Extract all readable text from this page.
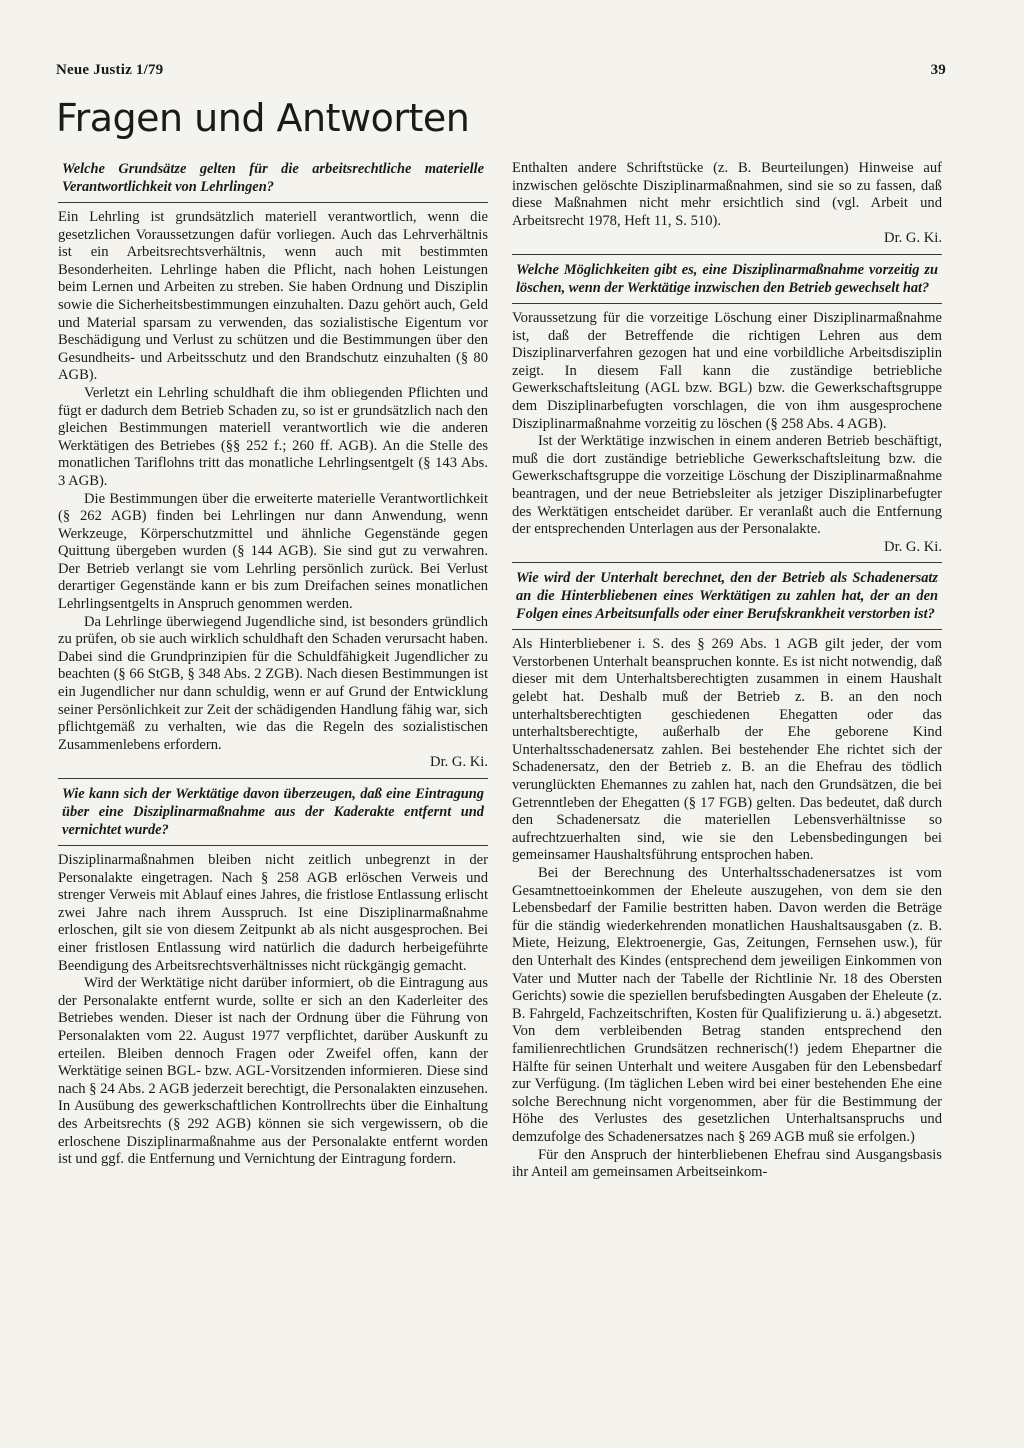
Neue Justiz 1/79	39
Fragen und Antworten
Welche Grundsätze gelten für die arbeitsrechtliche materielle Verantwortlichkeit von Lehrlingen?

Ein Lehrling ist grundsätzlich materiell verantwortlich, wenn die gesetzlichen Voraussetzungen dafür vorliegen. Auch das Lehrverhältnis ist ein Arbeitsrechtsverhältnis, wenn auch mit bestimmten Besonderheiten. Lehrlinge haben die Pflicht, nach hohen Leistungen beim Lernen und Arbeiten zu streben. Sie haben Ordnung und Disziplin sowie die Sicherheitsbestimmungen einzuhalten. Dazu gehört auch, Geld und Material sparsam zu verwenden, das sozialistische Eigentum vor Beschädigung und Verlust zu schützen und die Bestimmungen über den Gesundheits- und Arbeitsschutz und den Brandschutz einzuhalten (§ 80 AGB).

Verletzt ein Lehrling schuldhaft die ihm obliegenden Pflichten und fügt er dadurch dem Betrieb Schaden zu, so ist er grundsätzlich nach den gleichen Bestimmungen materiell verantwortlich wie die anderen Werktätigen des Betriebes (§§ 252 f.; 260 ff. AGB). An die Stelle des monatlichen Tariflohns tritt das monatliche Lehrlingsentgelt (§ 143 Abs. 3 AGB).

Die Bestimmungen über die erweiterte materielle Verantwortlichkeit (§ 262 AGB) finden bei Lehrlingen nur dann Anwendung, wenn Werkzeuge, Körperschutzmittel und ähnliche Gegenstände gegen Quittung übergeben wurden (§ 144 AGB). Sie sind gut zu verwahren. Der Betrieb verlangt sie vom Lehrling persönlich zurück. Bei Verlust derartiger Gegenstände kann er bis zum Dreifachen seines monatlichen Lehrlingsentgelts in Anspruch genommen werden.

Da Lehrlinge überwiegend Jugendliche sind, ist besonders gründlich zu prüfen, ob sie auch wirklich schuldhaft den Schaden verursacht haben. Dabei sind die Grundprinzipien für die Schuldfähigkeit Jugendlicher zu beachten (§ 66 StGB, § 348 Abs. 2 ZGB). Nach diesen Bestimmungen ist ein Jugendlicher nur dann schuldig, wenn er auf Grund der Entwicklung seiner Persönlichkeit zur Zeit der schädigenden Handlung fähig war, sich pflichtgemäß zu verhalten, wie das die Regeln des sozialistischen Zusammenlebens erfordern.

Dr. G. Ki.

Wie kann sich der Werktätige davon überzeugen, daß eine Eintragung über eine Disziplinarmaßnahme aus der Kaderakte entfernt und vernichtet wurde?

Disziplinarmaßnahmen bleiben nicht zeitlich unbegrenzt in der Personalakte eingetragen. Nach § 258 AGB erlöschen Verweis und strenger Verweis mit Ablauf eines Jahres, die fristlose Entlassung erlischt zwei Jahre nach ihrem Ausspruch. Ist eine Disziplinarmaßnahme erloschen, gilt sie von diesem Zeitpunkt ab als nicht ausgesprochen. Bei einer fristlosen Entlassung wird natürlich die dadurch herbeigeführte Beendigung des Arbeitsrechtsverhältnisses nicht rückgängig gemacht.

Wird der Werktätige nicht darüber informiert, ob die Eintragung aus der Personalakte entfernt wurde, sollte er sich an den Kaderleiter des Betriebes wenden. Dieser ist nach der Ordnung über die Führung von Personalakten vom 22. August 1977 verpflichtet, darüber Auskunft zu erteilen. Bleiben dennoch Fragen oder Zweifel offen, kann der Werktätige seinen BGL- bzw. AGL-Vorsitzenden informieren. Diese sind nach § 24 Abs. 2 AGB jederzeit berechtigt, die Personalakten einzusehen. In Ausübung des gewerkschaftlichen Kontrollrechts über die Einhaltung des Arbeitsrechts (§ 292 AGB) können sie sich vergewissern, ob die erloschene Disziplinarmaßnahme aus der Personalakte entfernt worden ist und ggf. die Entfernung und Vernichtung der Eintragung fordern.

Enthalten andere Schriftstücke (z. B. Beurteilungen) Hinweise auf inzwischen gelöschte Disziplinarmaßnahmen, sind sie so zu fassen, daß diese Maßnahmen nicht mehr ersichtlich sind (vgl. Arbeit und Arbeitsrecht 1978, Heft 11, S. 510).

Dr. G. Ki.

Welche Möglichkeiten gibt es, eine Disziplinarmaßnahme vorzeitig zu löschen, wenn der Werktätige inzwischen den Betrieb gewechselt hat?

Voraussetzung für die vorzeitige Löschung einer Disziplinarmaßnahme ist, daß der Betreffende die richtigen Lehren aus dem Disziplinarverfahren gezogen hat und eine vorbildliche Arbeitsdisziplin zeigt. In diesem Fall kann die zuständige betriebliche Gewerkschaftsleitung (AGL bzw. BGL) bzw. die Gewerkschaftsgruppe dem Disziplinarbefugten vorschlagen, die von ihm ausgesprochene Disziplinarmaßnahme vorzeitig zu löschen (§ 258 Abs. 4 AGB).

Ist der Werktätige inzwischen in einem anderen Betrieb beschäftigt, muß die dort zuständige betriebliche Gewerkschaftsleitung bzw. die Gewerkschaftsgruppe die vorzeitige Löschung der Disziplinarmaßnahme beantragen, und der neue Betriebsleiter als jetziger Disziplinarbefugter des Werktätigen entscheidet darüber. Er veranlaßt auch die Entfernung der entsprechenden Unterlagen aus der Personalakte.

Dr. G. Ki.

Wie wird der Unterhalt berechnet, den der Betrieb als Schadenersatz an die Hinterbliebenen eines Werktätigen zu zahlen hat, der an den Folgen eines Arbeitsunfalls oder einer Berufskrankheit verstorben ist?

Als Hinterbliebener i. S. des § 269 Abs. 1 AGB gilt jeder, der vom Verstorbenen Unterhalt beanspruchen konnte. Es ist nicht notwendig, daß dieser mit dem Unterhaltsberechtigten zusammen in einem Haushalt gelebt hat. Deshalb muß der Betrieb z. B. an den noch unterhaltsberechtigten geschiedenen Ehegatten oder das unterhaltsberechtigte, außerhalb der Ehe geborene Kind Unterhaltsschadenersatz zahlen. Bei bestehender Ehe richtet sich der Schadenersatz, den der Betrieb z. B. an die Ehefrau des tödlich verunglückten Ehemannes zu zahlen hat, nach den Grundsätzen, die bei Getrenntleben der Ehegatten (§ 17 FGB) gelten. Das bedeutet, daß durch den Schadenersatz die materiellen Lebensverhältnisse so aufrechtzuerhalten sind, wie sie den Lebensbedingungen bei gemeinsamer Haushaltsführung entsprochen haben.

Bei der Berechnung des Unterhaltsschadenersatzes ist vom Gesamtnettoeinkommen der Eheleute auszugehen, von dem sie den Lebensbedarf der Familie bestritten haben. Davon werden die Beträge für die ständig wiederkehrenden monatlichen Haushaltsausgaben (z. B. Miete, Heizung, Elektroenergie, Gas, Zeitungen, Fernsehen usw.), für den Unterhalt des Kindes (entsprechend dem jeweiligen Einkommen von Vater und Mutter nach der Tabelle der Richtlinie Nr. 18 des Obersten Gerichts) sowie die speziellen berufsbedingten Ausgaben der Eheleute (z. B. Fahrgeld, Fachzeitschriften, Kosten für Qualifizierung u. ä.) abgesetzt. Von dem verbleibenden Betrag standen entsprechend den familienrechtlichen Grundsätzen rechnerisch(!) jedem Ehepartner die Hälfte für seinen Unterhalt und weitere Ausgaben für den Lebensbedarf zur Verfügung. (Im täglichen Leben wird bei einer bestehenden Ehe eine solche Berechnung nicht vorgenommen, aber für die Bestimmung der Höhe des Verlustes des gesetzlichen Unterhaltsanspruchs und demzufolge des Schadenersatzes nach § 269 AGB muß sie erfolgen.)

Für den Anspruch der hinterbliebenen Ehefrau sind Ausgangsbasis ihr Anteil am gemeinsamen Arbeitseinkom-
